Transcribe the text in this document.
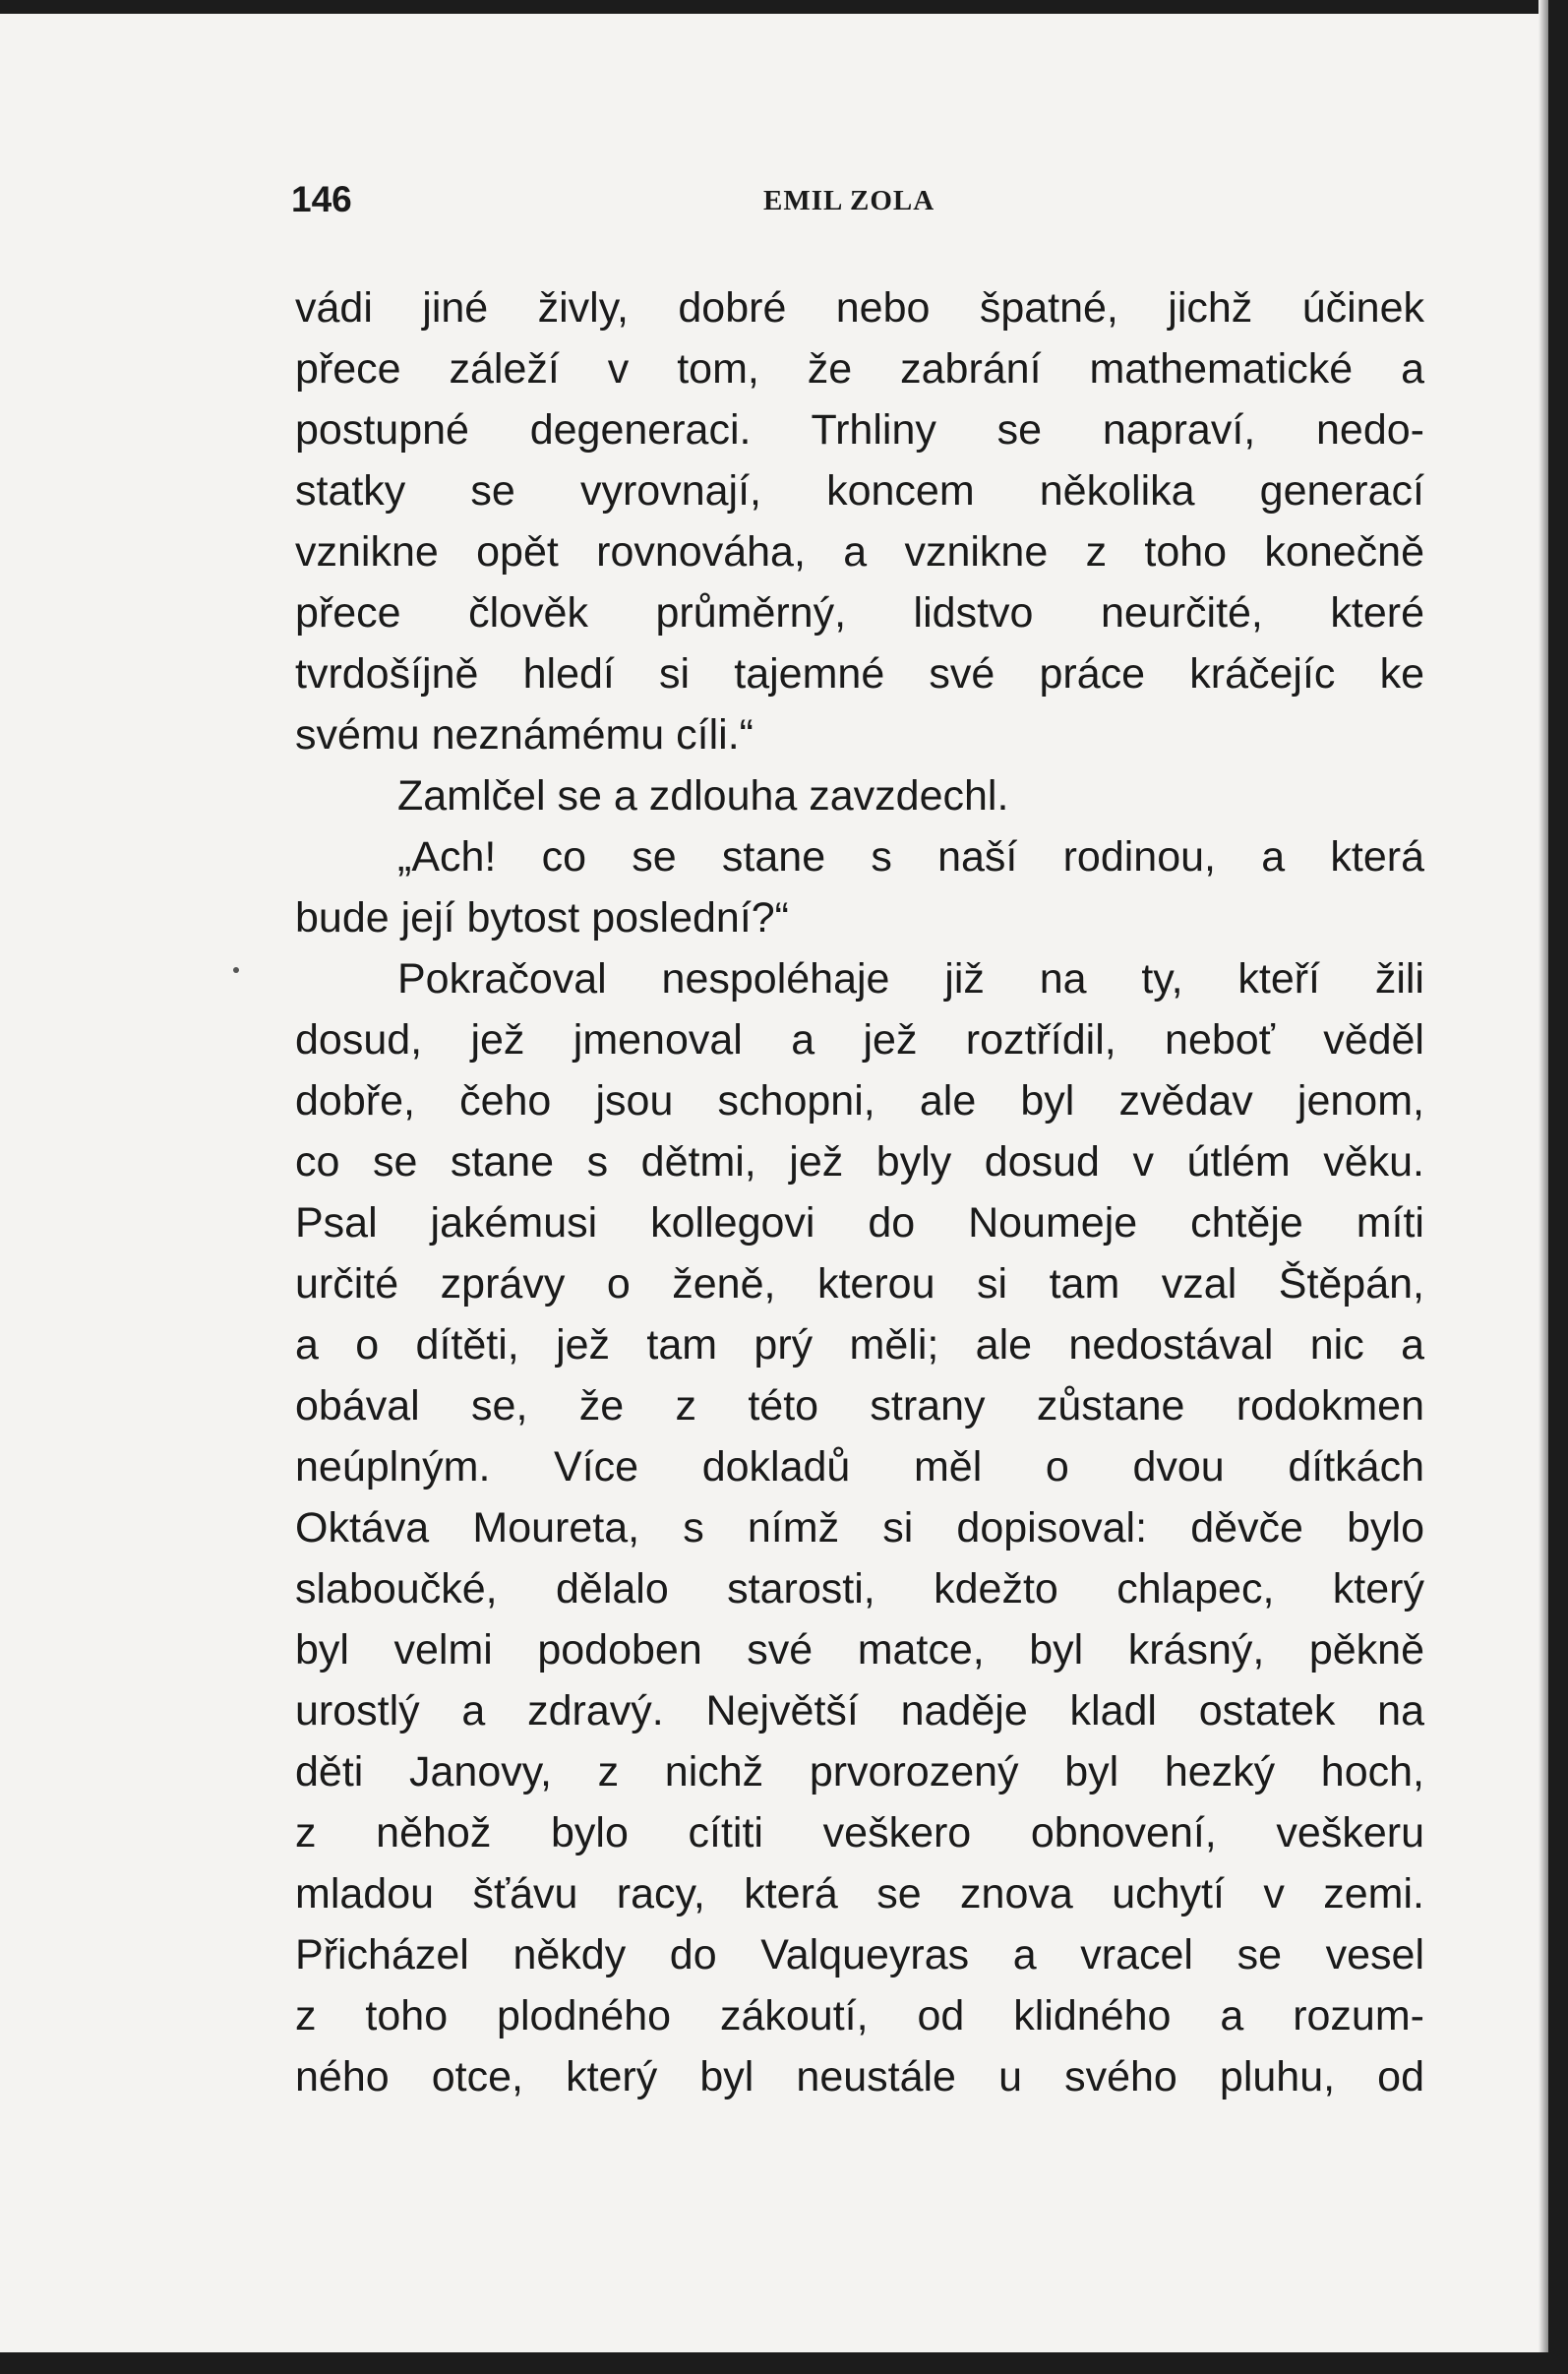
146	EMIL ZOLA
vádi jiné živly, dobré nebo špatné, jichž účinek
přece záleží v tom, že zabrání mathematické a
postupné degeneraci. Trhliny se napraví, nedo-
statky se vyrovnají, koncem několika generací
vznikne opět rovnováha, a vznikne z toho konečně
přece člověk průměrný, lidstvo neurčité, které
tvrdošíjně hledí si tajemné své práce kráčejíc ke
svému neznámému cíli.“
Zamlčel se a zdlouha zavzdechl.
„Ach! co se stane s naší rodinou, a která
bude její bytost poslední?“
Pokračoval nespoléhaje již na ty, kteří žili
dosud, jež jmenoval a jež roztřídil, neboť věděl
dobře, čeho jsou schopni, ale byl zvědav jenom,
co se stane s dětmi, jež byly dosud v útlém věku.
Psal jakémusi kollegovi do Noumeje chtěje míti
určité zprávy o ženě, kterou si tam vzal Štěpán,
a o dítěti, jež tam prý měli; ale nedostával nic a
obával se, že z této strany zůstane rodokmen
neúplným. Více dokladů měl o dvou dítkách
Oktáva Moureta, s nímž si dopisoval: děvče bylo
slaboučké, dělalo starosti, kdežto chlapec, který
byl velmi podoben své matce, byl krásný, pěkně
urostlý a zdravý. Největší naděje kladl ostatek na
děti Janovy, z nichž prvorozený byl hezký hoch,
z něhož bylo cítiti veškero obnovení, veškeru
mladou šťávu racy, která se znova uchytí v zemi.
Přicházel někdy do Valqueyras a vracel se vesel
z toho plodného zákoutí, od klidného a rozum-
ného otce, který byl neustále u svého pluhu, od
